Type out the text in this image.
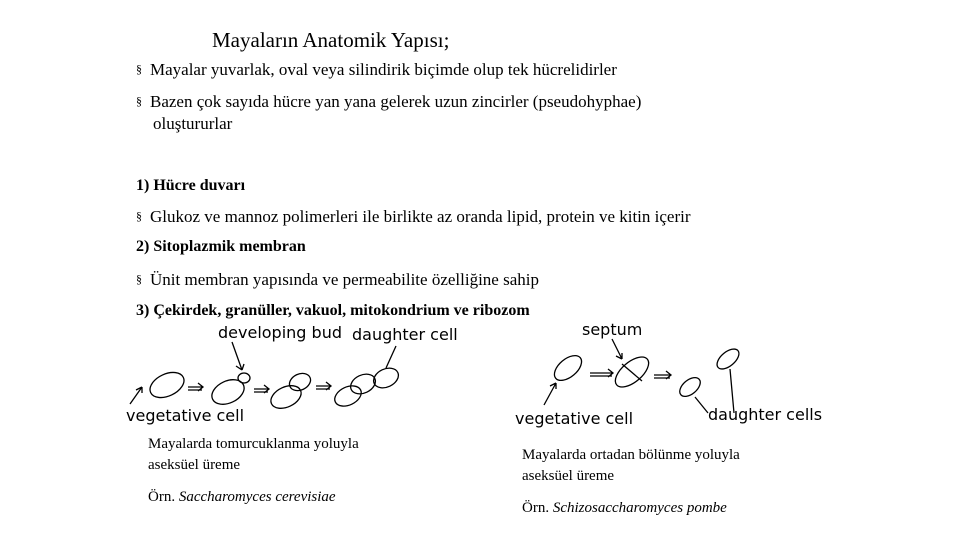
Mayaların Anatomik Yapısı;
§ Mayalar yuvarlak, oval veya silindirik biçimde olup tek hücrelidirler
§ Bazen çok sayıda hücre yan yana gelerek uzun zincirler (pseudohyphae)
oluştururlar
1) Hücre duvarı
§ Glukoz ve mannoz polimerleri ile birlikte az oranda lipid, protein ve kitin içerir
2) Sitoplazmik membran
§ Ünit membran yapısında ve permeabilite özelliğine sahip
3) Çekirdek, granüller, vakuol, mitokondrium ve ribozom
developing bud daughter cell
vegetative cell
Mayalarda tomurcuklanma yoluyla
aseksüel üreme
Örn. Saccharomyces cerevisiae
septum
vegetative cell	daughter cells
Mayalarda ortadan bölünme yoluyla
aseksüel üreme
Örn. Schizosaccharomyces pombe
